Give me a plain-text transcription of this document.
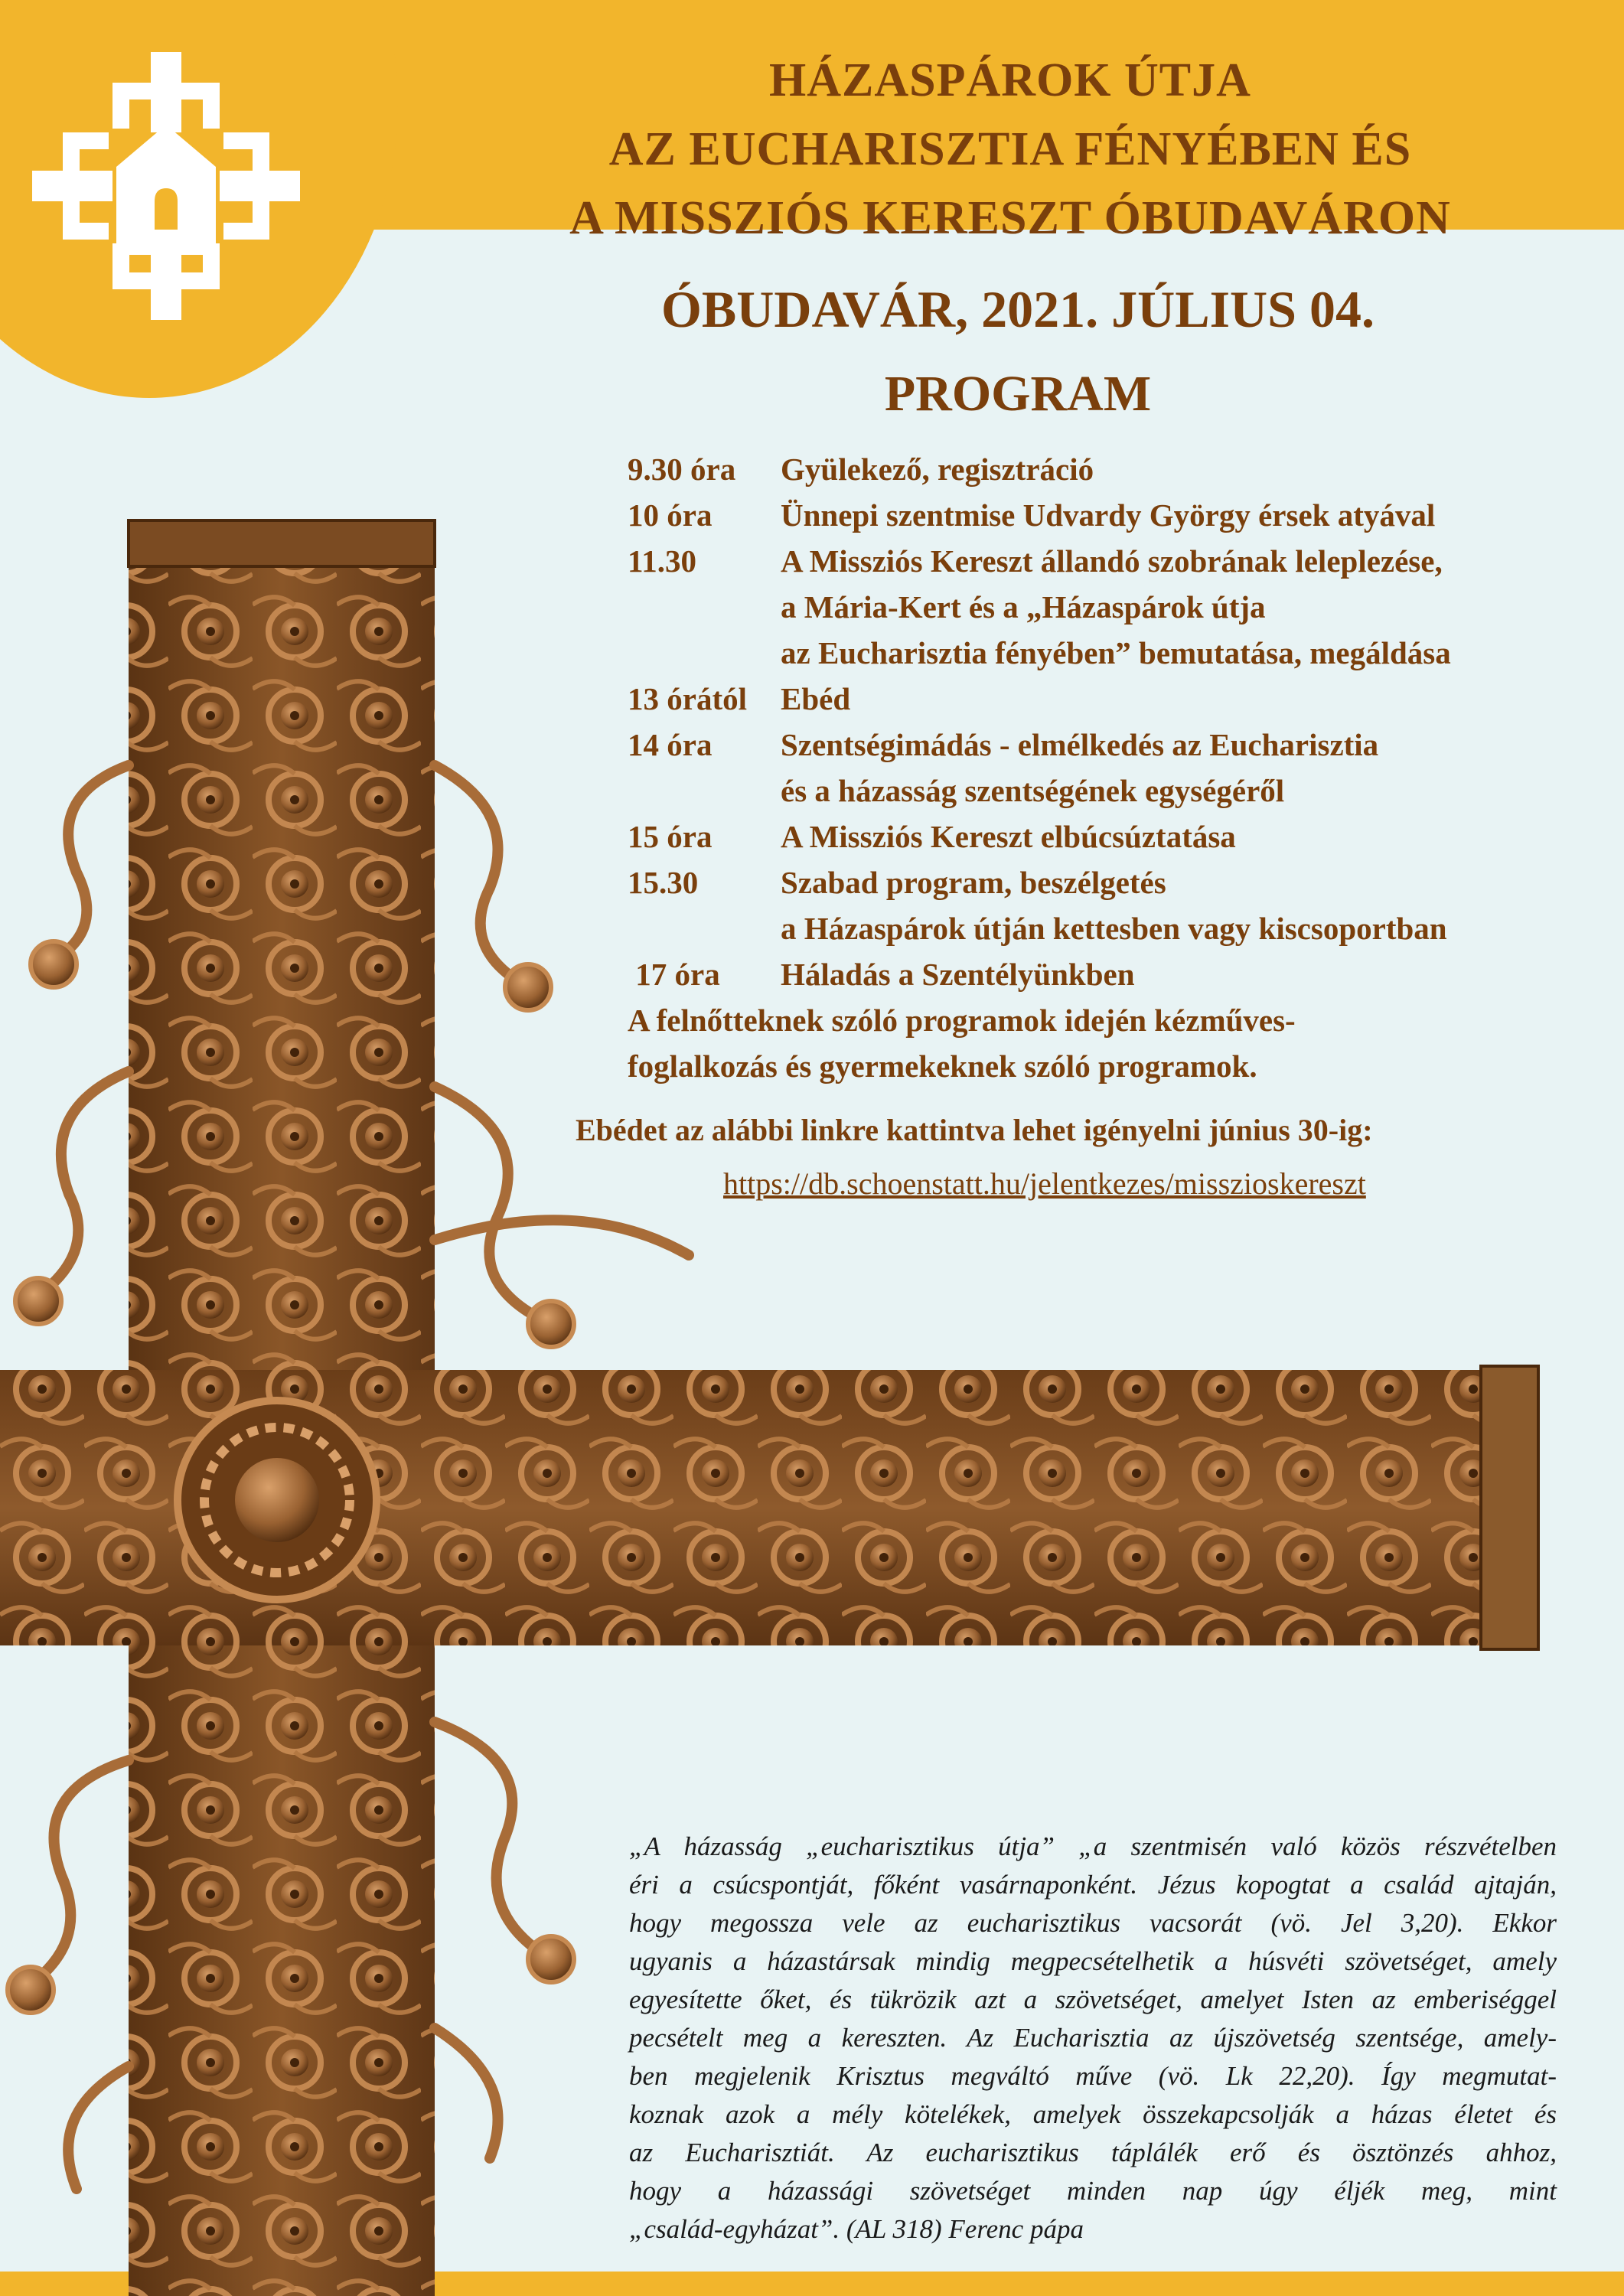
HÁZASPÁROK ÚTJA
AZ EUCHARISZTIA FÉNYÉBEN ÉS
A MISSZIÓS KERESZT ÓBUDAVÁRON
ÓBUDAVÁR, 2021. JÚLIUS 04.
PROGRAM
9.30 óra	Gyülekező, regisztráció
10 óra	Ünnepi szentmise Udvardy György érsek atyával
11.30	A Missziós Kereszt állandó szobrának leleplezése,
a Mária-Kert és a „Házaspárok útja
az Eucharisztia fényében” bemutatása, megáldása
13 órától	Ebéd
14 óra	Szentségimádás - elmélkedés az Eucharisztia
és a házasság szentségének egységéről
15 óra	A Missziós Kereszt elbúcsúztatása
15.30	Szabad program, beszélgetés
a Házaspárok útján kettesben vagy kiscsoportban
17 óra	Háladás a Szentélyünkben
A felnőtteknek szóló programok idején kézműves-
foglalkozás és gyermekeknek szóló programok.
Ebédet az alábbi linkre kattintva lehet igényelni június 30-ig:
https://db.schoenstatt.hu/jelentkezes/misszioskereszt
„A házasság „eucharisztikus útja” „a szentmisén való közös részvételben
éri a csúcspontját, főként vasárnaponként. Jézus kopogtat a család ajtaján,
hogy megossza vele az eucharisztikus vacsorát (vö. Jel 3,20). Ekkor
ugyanis a házastársak mindig megpecsételhetik a húsvéti szövetséget, amely
egyesítette őket, és tükrözik azt a szövetséget, amelyet Isten az emberiséggel
pecsételt meg a kereszten. Az Eucharisztia az újszövetség szentsége, amely-
ben megjelenik Krisztus megváltó műve (vö. Lk 22,20). Így megmutat-
koznak azok a mély kötelékek, amelyek összekapcsolják a házas életet és
az Eucharisztiát. Az eucharisztikus táplálék erő és ösztönzés ahhoz,
hogy a házassági szövetséget minden nap úgy éljék meg, mint
„család-egyházat”. (AL 318) Ferenc pápa
